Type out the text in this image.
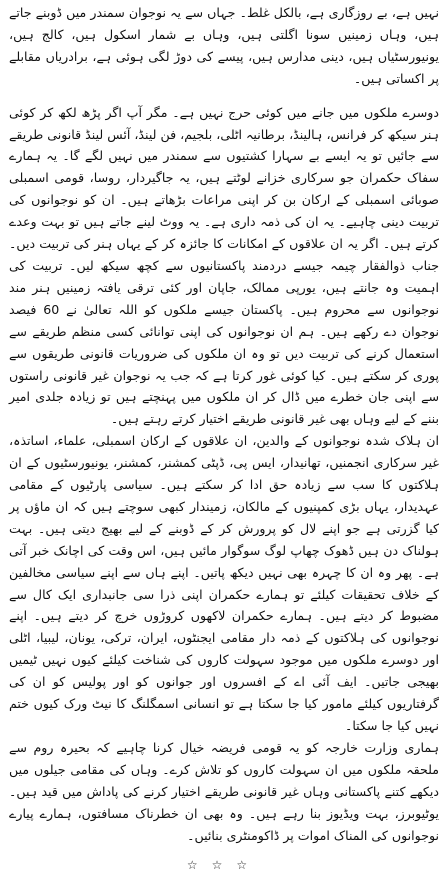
نہیں ہے، بے روزگاری ہے، بالکل غلط۔ جہاں سے یہ نوجوان سمندر میں ڈوبنے جاتے ہیں، وہاں زمینیں سونا اگلتی ہیں، وہاں بے شمار اسکول ہیں، کالج ہیں، یونیورسٹیاں ہیں، دینی مدارس ہیں، پیسے کی دوڑ لگی ہوئی ہے، برادریاں مقابلے پر اکساتی ہیں۔

دوسرے ملکوں میں جانے میں کوئی حرج نہیں ہے۔ مگر آپ اگر پڑھ لکھ کر کوئی ہنر سیکھ کر فرانس، ہالینڈ، برطانیہ اٹلی، بلجیم، فن لینڈ، آئس لینڈ قانونی طریقے سے جائیں تو یہ ایسے بے سہارا کشتیوں سے سمندر میں نہیں لگے گا۔ یہ ہمارے سفاک حکمران جو سرکاری خزانے لوٹتے ہیں، یہ جاگیردار، روسا، قومی اسمبلی صوبائی اسمبلی کے ارکان بن کر اپنی مراعات بڑھاتے ہیں۔ ان کو نوجوانوں کی تربیت دینی چاہیے۔ یہ ان کی ذمہ داری ہے۔ یہ ووٹ لینے جاتے ہیں تو بہت وعدے کرتے ہیں۔ اگر یہ ان علاقوں کے امکانات کا جائزہ کر کے یہاں ہنر کی تربیت دیں۔ جناب ذوالفقار چیمہ جیسے دردمند پاکستانیوں سے کچھ سیکھ لیں۔ تربیت کی اہمیت وہ جانتے ہیں، یورپی ممالک، جاپان اور کئی ترقی یافتہ زمینیں ہنر مند نوجوانوں سے محروم ہیں۔ پاکستان جیسے ملکوں کو اللہ تعالیٰ نے 60 فیصد نوجوان دے رکھے ہیں۔ ہم ان نوجوانوں کی اپنی توانائی کسی منظم طریقے سے استعمال کرنے کی تربیت دیں تو وہ ان ملکوں کی ضروریات قانونی طریقوں سے پوری کر سکتے ہیں۔ کیا کوئی غور کرتا ہے کہ جب یہ نوجوان غیر قانونی راستوں سے اپنی جان خطرے میں ڈال کر ان ملکوں میں پہنچتے ہیں تو زیادہ جلدی امیر بننے کے لیے وہاں بھی غیر قانونی طریقے اختیار کرتے رہتے ہیں۔

ان ہلاک شدہ نوجوانوں کے والدین، ان علاقوں کے ارکان اسمبلی، علماء، اساتذہ، غیر سرکاری انجمنیں، تھانیدار، ایس پی، ڈپٹی کمشنر، کمشنر، یونیورسٹیوں کے ان ہلاکتوں کا سب سے زیادہ حق ادا کر سکتے ہیں۔ سیاسی پارٹیوں کے مقامی عہدیدار، یہاں بڑی کمپنیوں کے مالکان، زمیندار کبھی سوچتے ہیں کہ ان ماؤں پر کیا گزرتی ہے جو اپنے لال کو پرورش کر کے ڈوبنے کے لیے بھیج دیتی ہیں۔ بہت ہولناک دن ہیں ڈھوک چھاپ لوگ سوگوار مائیں ہیں، اس وقت کی اچانک خبر آتی ہے۔ پھر وہ ان کا چہرہ بھی نہیں دیکھ پاتیں۔ اپنے ہاں سے اپنے سیاسی مخالفین کے خلاف تحقیقات کیلئے تو ہمارے حکمران اپنی ذرا سی جانبداری ایک کال سے مضبوط کر دیتے ہیں۔ ہمارے حکمران لاکھوں کروڑوں خرچ کر دیتے ہیں۔ اپنے نوجوانوں کی ہلاکتوں کے ذمہ دار مقامی ایجنٹوں، ایران، ترکی، یونان، لیبیا، اٹلی اور دوسرے ملکوں میں موجود سہولت کاروں کی شناخت کیلئے کیوں نہیں ٹیمیں بھیجی جاتیں۔ ایف آئی اے کے افسروں اور جوانوں کو اور پولیس کو ان کی گرفتاریوں کیلئے مامور کیا جا سکتا ہے تو انسانی اسمگلنگ کا نیٹ ورک کیوں ختم نہیں کیا جا سکتا۔

ہماری وزارت خارجہ کو یہ قومی فریضہ خیال کرنا چاہیے کہ بحیرہ روم سے ملحقہ ملکوں میں ان سہولت کاروں کو تلاش کرے۔ وہاں کی مقامی جیلوں میں دیکھے کتنے پاکستانی وہاں غیر قانونی طریقے اختیار کرنے کی پاداش میں قید ہیں۔ یوٹیوبرز، بہت ویڈیوز بنا رہے ہیں۔ وہ بھی ان خطرناک مسافتوں، ہمارے پیارے نوجوانوں کی المناک اموات پر ڈاکومنٹری بنائیں۔

☆☆☆
